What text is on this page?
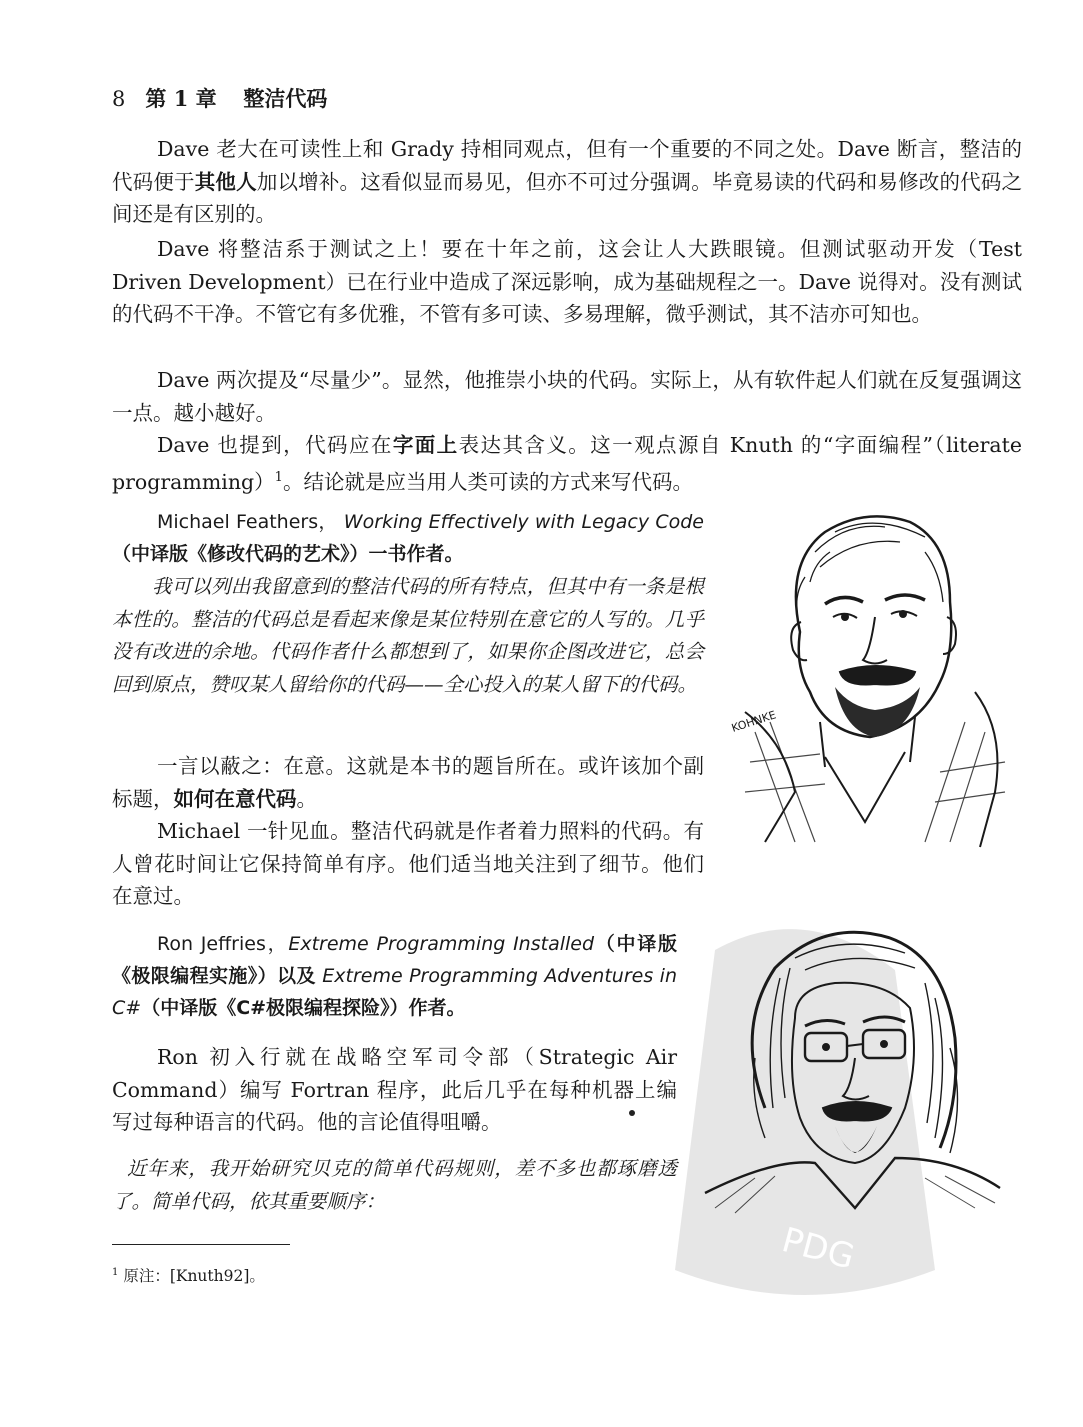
8 第 1 章 整洁代码
Dave 老大在可读性上和 Grady 持相同观点，但有一个重要的不同之处。Dave 断言，整洁的代码便于其他人加以增补。这看似显而易见，但亦不可过分强调。毕竟易读的代码和易修改的代码之间还是有区别的。
Dave 将整洁系于测试之上！要在十年之前，这会让人大跌眼镜。但测试驱动开发（Test Driven Development）已在行业中造成了深远影响，成为基础规程之一。Dave 说得对。没有测试的代码不干净。不管它有多优雅，不管有多可读、多易理解，微乎测试，其不洁亦可知也。
Dave 两次提及“尽量少”。显然，他推崇小块的代码。实际上，从有软件起人们就在反复强调这一点。越小越好。
Dave 也提到，代码应在字面上表达其含义。这一观点源自 Knuth 的“字面编程”（literate programming）$^1$。结论就是应当用人类可读的方式来写代码。
Michael Feathers， Working Effectively with Legacy Code（中译版《修改代码的艺术》）一书作者。
我可以列出我留意到的整洁代码的所有特点，但其中有一条是根本性的。整洁的代码总是看起来像是某位特别在意它的人写的。几乎没有改进的余地。代码作者什么都想到了，如果你企图改进它，总会回到原点，赞叹某人留给你的代码——全心投入的某人留下的代码。
一言以蔽之：在意。这就是本书的题旨所在。或许该加个副标题，如何在意代码。
Michael 一针见血。整洁代码就是作者着力照料的代码。有人曾花时间让它保持简单有序。他们适当地关注到了细节。他们在意过。
KOHNKE
Ron Jeffries，Extreme Programming Installed（中译版《极限编程实施》）以及 Extreme Programming Adventures in C#（中译版《C#极限编程探险》）作者。
Ron 初入行就在战略空军司令部（Strategic Air Command）编写 Fortran 程序，此后几乎在每种机器上编写过每种语言的代码。他的言论值得咀嚼。
近年来，我开始研究贝克的简单代码规则，差不多也都琢磨透了。简单代码，依其重要顺序：
PDG
$^1$ 原注：[Knuth92]。
